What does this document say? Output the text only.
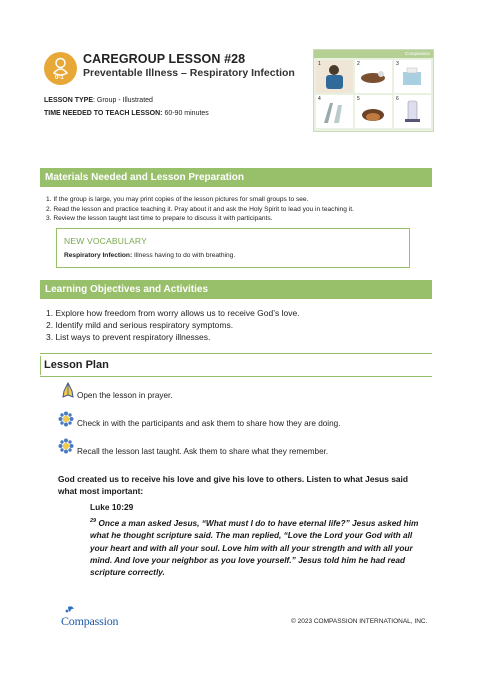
0-1
CAREGROUP LESSON #28
Preventable Illness – Respiratory Infection
Compassion
1	2	3
4	5	6
LESSON TYPE: Group - Illustrated
TIME NEEDED TO TEACH LESSON: 60-90 minutes
Materials Needed and Lesson Preparation
1. If the group is large, you may print copies of the lesson pictures for small groups to see.
2. Read the lesson and practice teaching it. Pray about it and ask the Holy Spirit to lead you in teaching it.
3. Review the lesson taught last time to prepare to discuss it with participants.
NEW VOCABULARY
Respiratory Infection: Illness having to do with breathing.
Learning Objectives and Activities
1. Explore how freedom from worry allows us to receive God’s love.
2. Identify mild and serious respiratory symptoms.
3. List ways to prevent respiratory illnesses.
Lesson Plan
Open the lesson in prayer.
Check in with the participants and ask them to share how they are doing.
Recall the lesson last taught. Ask them to share what they remember.
God created us to receive his love and give his love to others. Listen to what Jesus said what most important:
Luke 10:29
$^{29}$ Once a man asked Jesus, “What must I do to have eternal life?” Jesus asked him what he thought scripture said. The man replied, “Love the Lord your God with all your heart and with all your soul. Love him with all your strength and with all your mind. And love your neighbor as you love yourself.” Jesus told him he had read scripture correctly.
Compassion	© 2023 COMPASSION INTERNATIONAL, INC.
